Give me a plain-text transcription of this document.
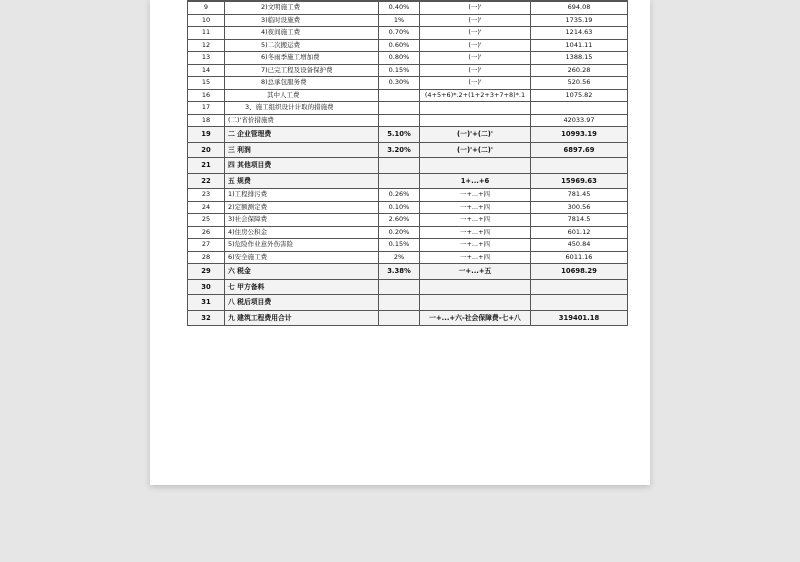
9	2)文明施工费	0.40%	(一)'	694.08
10	3)临时设施费	1%	(一)'	1735.19
11	4)夜间施工费	0.70%	(一)'	1214.63
12	5)二次搬运费	0.60%	(一)'	1041.11
13	6)冬雨季施工增加费	0.80%	(一)'	1388.15
14	7)已完工程及设备保护费	0.15%	(一)'	260.28
15	8)总承包服务费	0.30%	(一)'	520.56
16	其中人工费		(4+5+6)*.2+(1+2+3+7+8)*.1	1075.82
17	3、施工组织设计计取的措施费			
18	(二)'省价措施费			42033.97
19	二 企业管理费	5.10%	(一)'+(二)'	10993.19
20	三 利润	3.20%	(一)'+(二)'	6897.69
21	四 其他项目费			
22	五 规费		1+...+6	15969.63
23	1)工程排污费	0.26%	一+...+四	781.45
24	2)定额测定费	0.10%	一+...+四	300.56
25	3)社会保障费	2.60%	一+...+四	7814.5
26	4)住房公积金	0.20%	一+...+四	601.12
27	5)危险作业意外伤害险	0.15%	一+...+四	450.84
28	6)安全施工费	2%	一+...+四	6011.16
29	六 税金	3.38%	一+...+五	10698.29
30	七 甲方备料			
31	八 税后项目费			
32	九 建筑工程费用合计		一+...+六-社会保障费-七+八	319401.18
